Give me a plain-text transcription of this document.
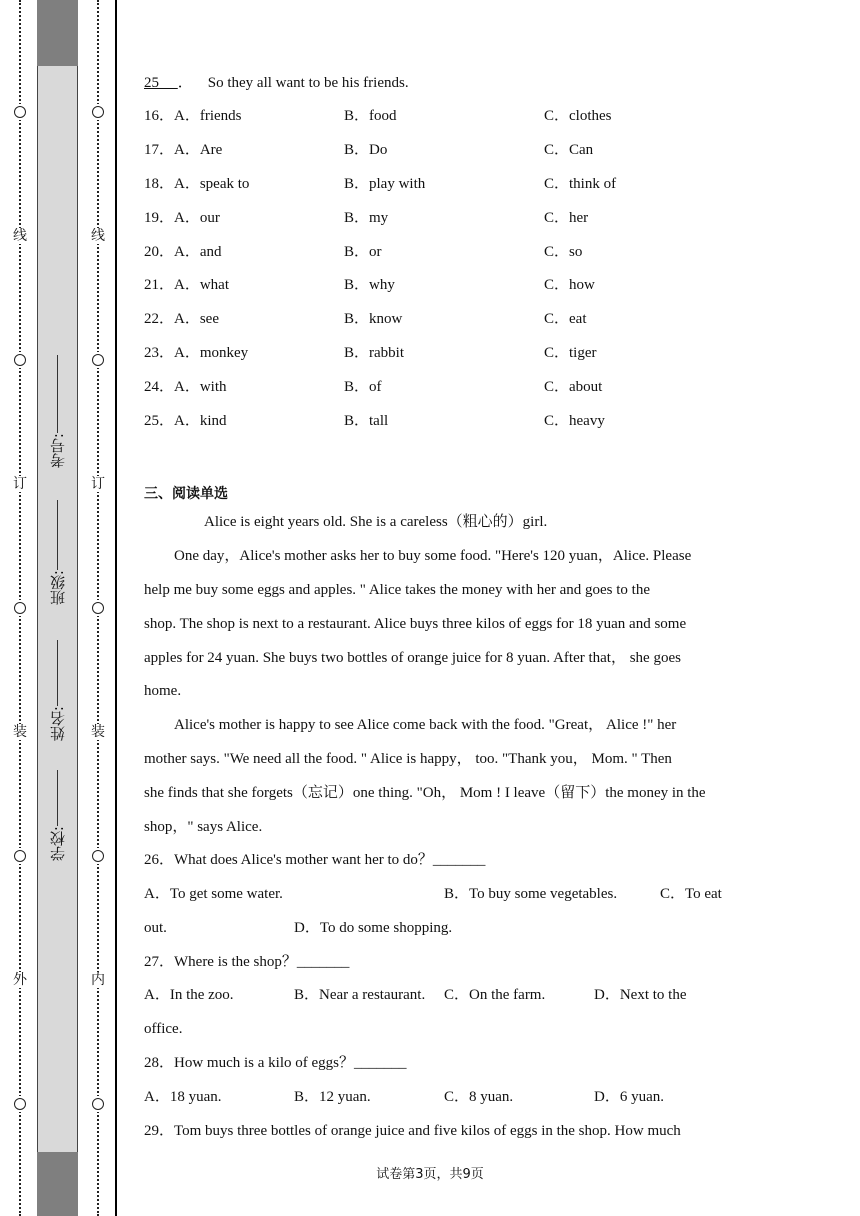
线
订
装
外
考号:
班级:
姓名:
学校:
线
订
装
内
25 ．    So they all want to be his friends.
16． A．friends	B．food	C．clothes
17． A．Are	B．Do	C．Can
18． A．speak to	B．play with	C．think of
19． A．our	B．my	C．her
20． A．and	B．or	C．so
21． A．what	B．why	C．how
22． A．see	B．know	C．eat
23． A．monkey	B．rabbit	C．tiger
24． A．with	B．of	C．about
25． A．kind	B．tall	C．heavy
三、阅读单选
Alice is eight years old. She is a careless（粗心的）girl.
One day，Alice's mother asks her to buy some food. "Here's 120 yuan，Alice. Please
help me buy some eggs and apples. " Alice takes the money with her and goes to the
shop. The shop is next to a restaurant. Alice buys three kilos of eggs for 18 yuan and some
apples for 24 yuan. She buys two bottles of orange juice for 8 yuan. After that， she goes
home.
Alice's mother is happy to see Alice come back with the food. "Great， Alice !" her
mother says. "We need all the food. " Alice is happy， too. "Thank you， Mom. " Then
she finds that she forgets（忘记）one thing. "Oh， Mom ! I leave（留下）the money in the
shop，" says Alice.
26．What does Alice's mother want her to do？_______
A．To get some water.	B．To buy some vegetables.	C．To eat
out.	D．To do some shopping.
27．Where is the shop？_______
A．In the zoo.	B．Near a restaurant. C．On the farm.	D．Next to the
office.
28．How much is a kilo of eggs？_______
A．18 yuan.	B．12 yuan.	C．8 yuan.	D．6 yuan.
29．Tom buys three bottles of orange juice and five kilos of eggs in the shop. How much
试卷第3页，共9页
